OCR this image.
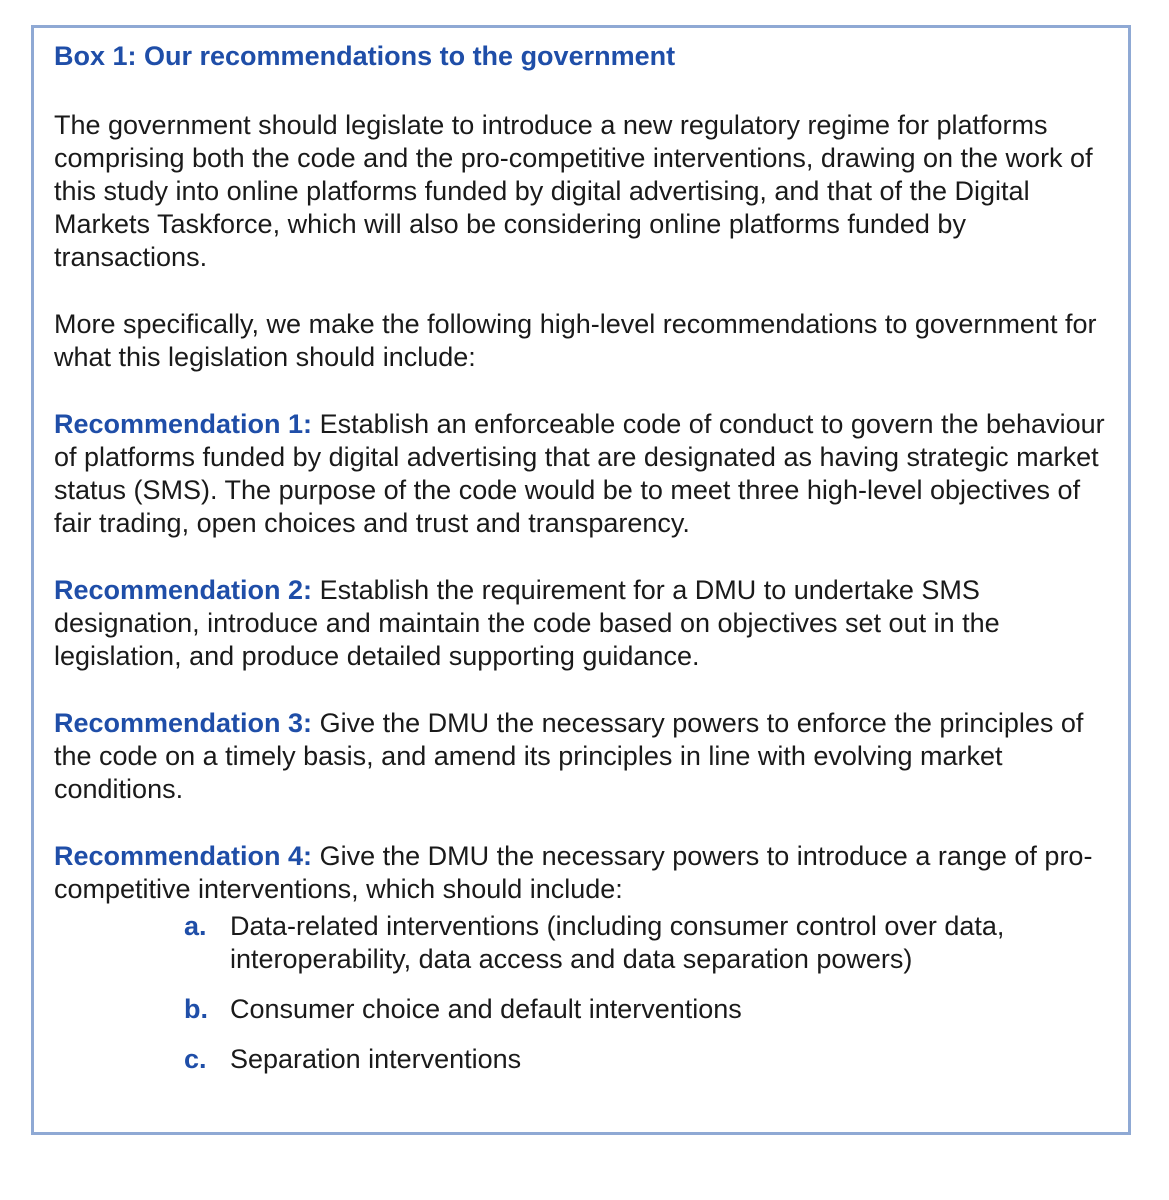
Box 1: Our recommendations to the government

The government should legislate to introduce a new regulatory regime for platforms comprising both the code and the pro-competitive interventions, drawing on the work of this study into online platforms funded by digital advertising, and that of the Digital Markets Taskforce, which will also be considering online platforms funded by transactions.

More specifically, we make the following high-level recommendations to government for what this legislation should include:

Recommendation 1: Establish an enforceable code of conduct to govern the behaviour of platforms funded by digital advertising that are designated as having strategic market status (SMS). The purpose of the code would be to meet three high-level objectives of fair trading, open choices and trust and transparency.

Recommendation 2: Establish the requirement for a DMU to undertake SMS designation, introduce and maintain the code based on objectives set out in the legislation, and produce detailed supporting guidance.

Recommendation 3: Give the DMU the necessary powers to enforce the principles of the code on a timely basis, and amend its principles in line with evolving market conditions.

Recommendation 4: Give the DMU the necessary powers to introduce a range of pro-competitive interventions, which should include:

a. Data-related interventions (including consumer control over data, interoperability, data access and data separation powers)
b. Consumer choice and default interventions
c. Separation interventions
